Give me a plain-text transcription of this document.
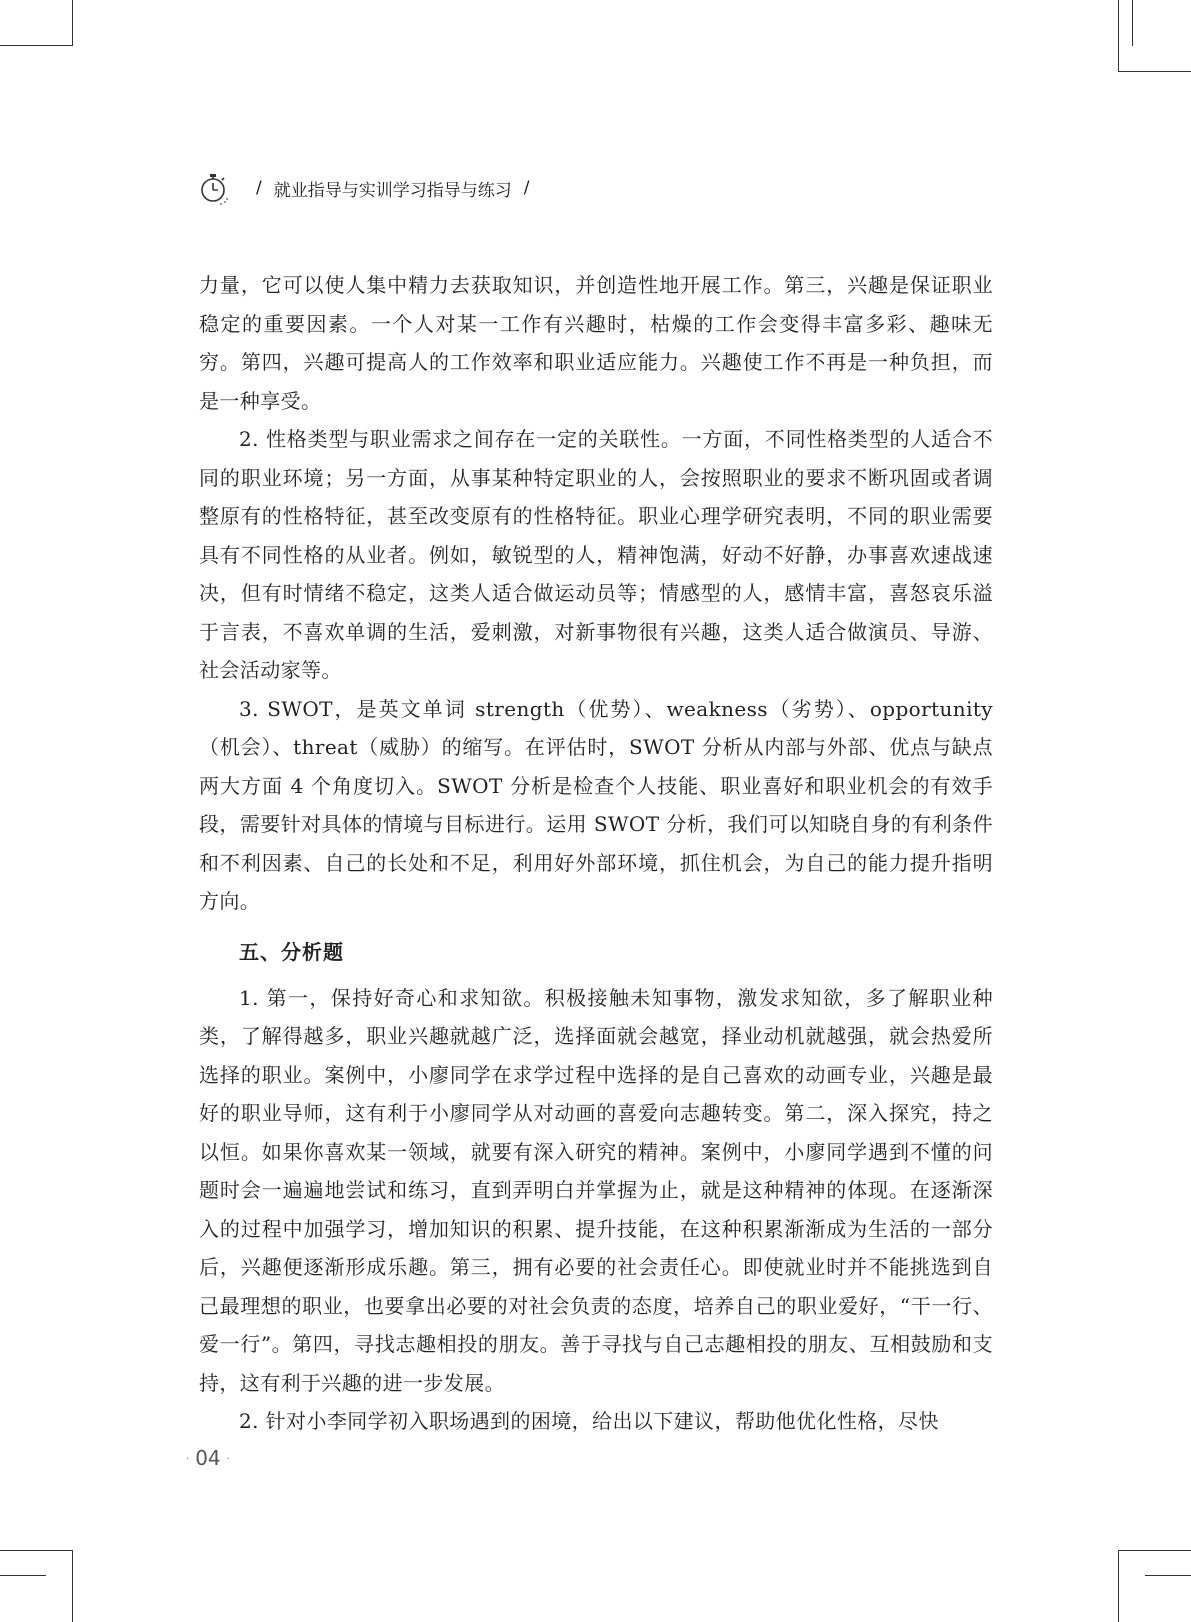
/ 就业指导与实训学习指导与练习 /

力量，它可以使人集中精力去获取知识，并创造性地开展工作。第三，兴趣是保证职业稳定的重要因素。一个人对某一工作有兴趣时，枯燥的工作会变得丰富多彩、趣味无穷。第四，兴趣可提高人的工作效率和职业适应能力。兴趣使工作不再是一种负担，而是一种享受。

2. 性格类型与职业需求之间存在一定的关联性。一方面，不同性格类型的人适合不同的职业环境；另一方面，从事某种特定职业的人，会按照职业的要求不断巩固或者调整原有的性格特征，甚至改变原有的性格特征。职业心理学研究表明，不同的职业需要具有不同性格的从业者。例如，敏锐型的人，精神饱满，好动不好静，办事喜欢速战速决，但有时情绪不稳定，这类人适合做运动员等；情感型的人，感情丰富，喜怒哀乐溢于言表，不喜欢单调的生活，爱刺激，对新事物很有兴趣，这类人适合做演员、导游、社会活动家等。

3. SWOT，是英文单词 strength（优势）、weakness（劣势）、opportunity（机会）、threat（威胁）的缩写。在评估时，SWOT 分析从内部与外部、优点与缺点两大方面 4 个角度切入。SWOT 分析是检查个人技能、职业喜好和职业机会的有效手段，需要针对具体的情境与目标进行。运用 SWOT 分析，我们可以知晓自身的有利条件和不利因素、自己的长处和不足，利用好外部环境，抓住机会，为自己的能力提升指明方向。

五、分析题

1. 第一，保持好奇心和求知欲。积极接触未知事物，激发求知欲，多了解职业种类，了解得越多，职业兴趣就越广泛，选择面就会越宽，择业动机就越强，就会热爱所选择的职业。案例中，小廖同学在求学过程中选择的是自己喜欢的动画专业，兴趣是最好的职业导师，这有利于小廖同学从对动画的喜爱向志趣转变。第二，深入探究，持之以恒。如果你喜欢某一领域，就要有深入研究的精神。案例中，小廖同学遇到不懂的问题时会一遍遍地尝试和练习，直到弄明白并掌握为止，就是这种精神的体现。在逐渐深入的过程中加强学习，增加知识的积累、提升技能，在这种积累渐渐成为生活的一部分后，兴趣便逐渐形成乐趣。第三，拥有必要的社会责任心。即使就业时并不能挑选到自己最理想的职业，也要拿出必要的对社会负责的态度，培养自己的职业爱好，“干一行、爱一行”。第四，寻找志趣相投的朋友。善于寻找与自己志趣相投的朋友、互相鼓励和支持，这有利于兴趣的进一步发展。

2. 针对小李同学初入职场遇到的困境，给出以下建议，帮助他优化性格，尽快

· 04 ·
